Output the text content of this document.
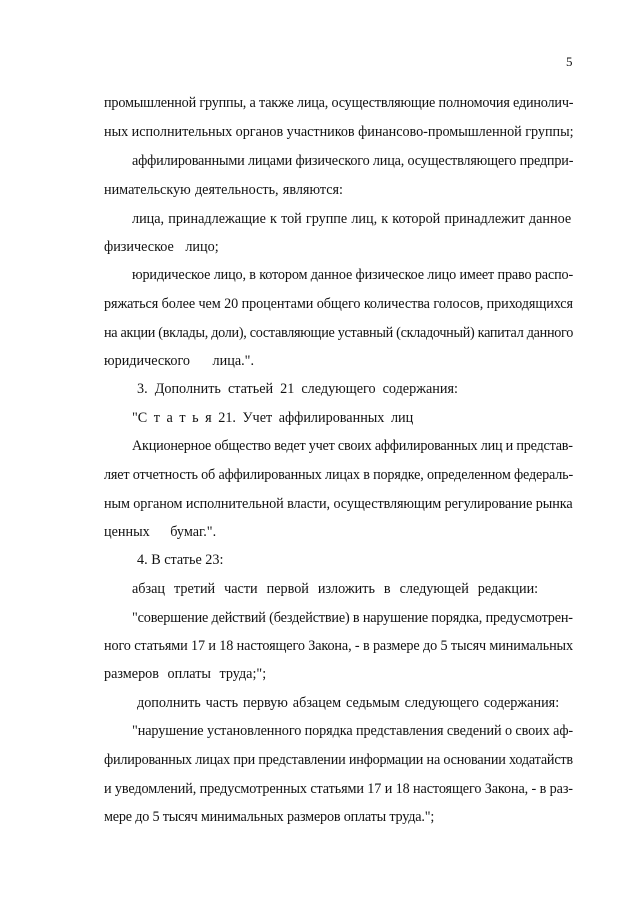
5
промышленной группы, а также лица, осуществляющие полномочия единолич-
ных исполнительных органов участников финансово-промышленной группы;
аффилированными лицами физического лица, осуществляющего предпри-
нимательскую деятельность, являются:
лица, принадлежащие к той группе лиц, к которой принадлежит данное
физическое лицо;
юридическое лицо, в котором данное физическое лицо имеет право распо-
ряжаться более чем 20 процентами общего количества голосов, приходящихся
на акции (вклады, доли), составляющие уставный (складочный) капитал данного
юридического лица.".
3. Дополнить статьей 21 следующего содержания:
"С т а т ь я 21. Учет аффилированных лиц
Акционерное общество ведет учет своих аффилированных лиц и представ-
ляет отчетность об аффилированных лицах в порядке, определенном федераль-
ным органом исполнительной власти, осуществляющим регулирование рынка
ценных бумаг.".
4. В статье 23:
абзац третий части первой изложить в следующей редакции:
"совершение действий (бездействие) в нарушение порядка, предусмотрен-
ного статьями 17 и 18 настоящего Закона, - в размере до 5 тысяч минимальных
размеров оплаты труда;";
дополнить часть первую абзацем седьмым следующего содержания:
"нарушение установленного порядка представления сведений о своих аф-
филированных лицах при представлении информации на основании ходатайств
и уведомлений, предусмотренных статьями 17 и 18 настоящего Закона, - в раз-
мере до 5 тысяч минимальных размеров оплаты труда.";
